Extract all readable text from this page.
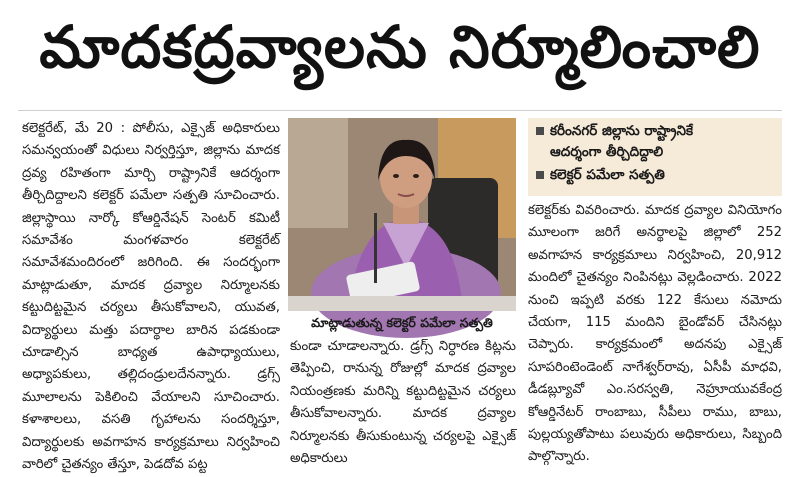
మాదకద్రవ్యాలను నిర్మూలించాలి

కలెక్టరేట్, మే 20 : పోలీసు, ఎక్సైజ్ అధికారులు సమన్వయంతో విధులు నిర్వర్తిస్తూ, జిల్లాను మాదక ద్రవ్య రహితంగా మార్చి రాష్ట్రానికే ఆదర్శంగా తీర్చిదిద్దాలని కలెక్టర్ పమేలా సత్పతి సూచించారు. జిల్లాస్థాయి నార్కో కోఆర్డినేషన్ సెంటర్ కమిటీ సమావేశం మంగళవారం కలెక్టరేట్ సమావేశమందిరంలో జరిగింది. ఈ సందర్భంగా మాట్లాడుతూ, మాదక ద్రవ్యాల నిర్మూలనకు కట్టుదిట్టమైన చర్యలు తీసుకోవాలని, యువత, విద్యార్థులు మత్తు పదార్థాల బారిన పడకుండా చూడాల్సిన బాధ్యత ఉపాధ్యాయులు, అధ్యాపకులు, తల్లిదండ్రులదేనన్నారు. డ్రగ్స్ మూలాలను పెకిలించి వేయాలని సూచించారు. కళాశాలలు, వసతి గృహాలను సందర్శిస్తూ, విద్యార్థులకు అవగాహన కార్యక్రమాలు నిర్వహించి వారిలో చైతన్యం తేస్తూ, పెడదోవ పట్ట

మాట్లాడుతున్న కలెక్టర్ పమేలా సత్పతి

కుండా చూడాలన్నారు. డ్రగ్స్ నిర్ధారణ కిట్లను తెప్పించి, రానున్న రోజుల్లో మాదక ద్రవ్యాల నియంత్రణకు మరిన్ని కట్టుదిట్టమైన చర్యలు తీసుకోవాలన్నారు. మాదక ద్రవ్యాల నిర్మూలనకు తీసుకుంటున్న చర్యలపై ఎక్సైజ్ అధికారులు

కరీంనగర్ జిల్లాను రాష్ట్రానికే
ఆదర్శంగా తీర్చిదిద్దాలి
కలెక్టర్ పమేలా సత్పతి

కలెక్టర్‌కు వివరించారు. మాదక ద్రవ్యాల వినియోగం మూలంగా జరిగే అనర్థాలపై జిల్లాలో 252 అవగాహన కార్యక్రమాలు నిర్వహించి, 20,912 మందిలో చైతన్యం నింపినట్లు వెల్లడించారు. 2022 నుంచి ఇప్పటి వరకు 122 కేసులు నమోదు చేయగా, 115 మందిని బైండోవర్ చేసినట్లు చెప్పారు. కార్యక్రమంలో అదనపు ఎక్సైజ్ సూపరింటెండెంట్ నాగేశ్వర్‌రావు, ఏసీపీ మాధవి, డీడబ్ల్యూవో ఎం.సరస్వతి, నెహ్రూయువకేంద్ర కోఆర్డినేటర్ రాంబాబు, సీపీలు రాము, బాబు, పుల్లయ్యతోపాటు పలువురు అధికారులు, సిబ్బంది పాల్గొన్నారు.
